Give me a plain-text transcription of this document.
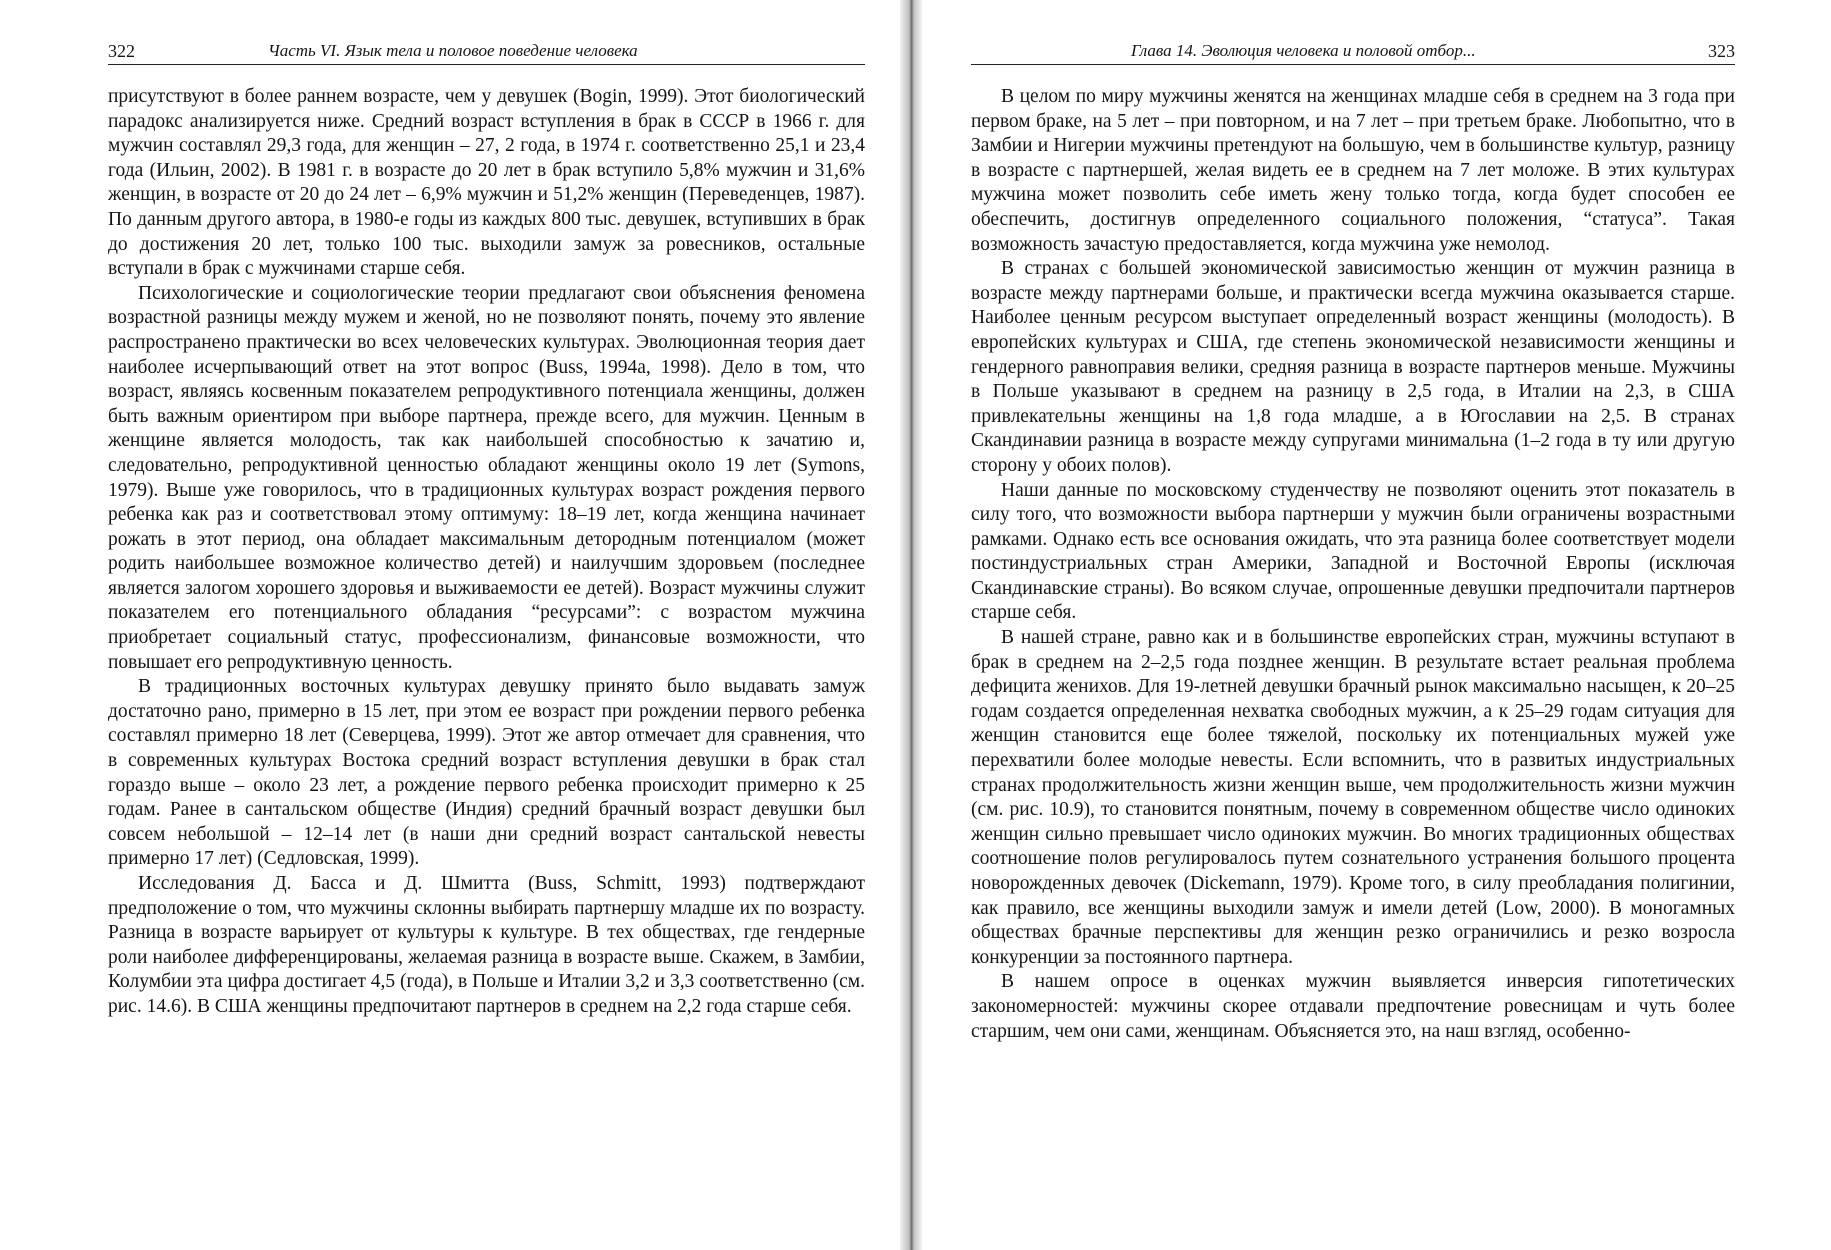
322	Часть VI. Язык тела и половое поведение человека

присутствуют в более раннем возрасте, чем у девушек (Bogin, 1999). Этот биологический парадокс анализируется ниже. Средний возраст вступления в брак в СССР в 1966 г. для мужчин составлял 29,3 года, для женщин – 27, 2 года, в 1974 г. соответственно 25,1 и 23,4 года (Ильин, 2002). В 1981 г. в возрасте до 20 лет в брак вступило 5,8% мужчин и 31,6% женщин, в возрасте от 20 до 24 лет – 6,9% мужчин и 51,2% женщин (Переведенцев, 1987). По данным другого автора, в 1980-е годы из каждых 800 тыс. девушек, вступивших в брак до достижения 20 лет, только 100 тыс. выходили замуж за ровесников, остальные вступали в брак с мужчинами старше себя.

Психологические и социологические теории предлагают свои объяснения феномена возрастной разницы между мужем и женой, но не позволяют понять, почему это явление распространено практически во всех человеческих культурах. Эволюционная теория дает наиболее исчерпывающий ответ на этот вопрос (Buss, 1994a, 1998). Дело в том, что возраст, являясь косвенным показателем репродуктивного потенциала женщины, должен быть важным ориентиром при выборе партнера, прежде всего, для мужчин. Ценным в женщине является молодость, так как наибольшей способностью к зачатию и, следовательно, репродуктивной ценностью обладают женщины около 19 лет (Symons, 1979). Выше уже говорилось, что в традиционных культурах возраст рождения первого ребенка как раз и соответствовал этому оптимуму: 18–19 лет, когда женщина начинает рожать в этот период, она обладает максимальным детородным потенциалом (может родить наибольшее возможное количество детей) и наилучшим здоровьем (последнее является залогом хорошего здоровья и выживаемости ее детей). Возраст мужчины служит показателем его потенциального обладания “ресурсами”: с возрастом мужчина приобретает социальный статус, профессионализм, финансовые возможности, что повышает его репродуктивную ценность.

В традиционных восточных культурах девушку принято было выдавать замуж достаточно рано, примерно в 15 лет, при этом ее возраст при рождении первого ребенка составлял примерно 18 лет (Северцева, 1999). Этот же автор отмечает для сравнения, что в современных культурах Востока средний возраст вступления девушки в брак стал гораздо выше – около 23 лет, а рождение первого ребенка происходит примерно к 25 годам. Ранее в сантальском обществе (Индия) средний брачный возраст девушки был совсем небольшой – 12–14 лет (в наши дни средний возраст сантальской невесты примерно 17 лет) (Седловская, 1999).

Исследования Д. Басса и Д. Шмитта (Buss, Schmitt, 1993) подтверждают предположение о том, что мужчины склонны выбирать партнершу младше их по возрасту. Разница в возрасте варьирует от культуры к культуре. В тех обществах, где гендерные роли наиболее дифференцированы, желаемая разница в возрасте выше. Скажем, в Замбии, Колумбии эта цифра достигает 4,5 (года), в Польше и Италии 3,2 и 3,3 соответственно (см. рис. 14.6). В США женщины предпочитают партнеров в среднем на 2,2 года старше себя.

Глава 14. Эволюция человека и половой отбор...	323

В целом по миру мужчины женятся на женщинах младше себя в среднем на 3 года при первом браке, на 5 лет – при повторном, и на 7 лет – при третьем браке. Любопытно, что в Замбии и Нигерии мужчины претендуют на большую, чем в большинстве культур, разницу в возрасте с партнершей, желая видеть ее в среднем на 7 лет моложе. В этих культурах мужчина может позволить себе иметь жену только тогда, когда будет способен ее обеспечить, достигнув определенного социального положения, “статуса”. Такая возможность зачастую предоставляется, когда мужчина уже немолод.

В странах с большей экономической зависимостью женщин от мужчин разница в возрасте между партнерами больше, и практически всегда мужчина оказывается старше. Наиболее ценным ресурсом выступает определенный возраст женщины (молодость). В европейских культурах и США, где степень экономической независимости женщины и гендерного равноправия велики, средняя разница в возрасте партнеров меньше. Мужчины в Польше указывают в среднем на разницу в 2,5 года, в Италии на 2,3, в США привлекательны женщины на 1,8 года младше, а в Югославии на 2,5. В странах Скандинавии разница в возрасте между супругами минимальна (1–2 года в ту или другую сторону у обоих полов).

Наши данные по московскому студенчеству не позволяют оценить этот показатель в силу того, что возможности выбора партнерши у мужчин были ограничены возрастными рамками. Однако есть все основания ожидать, что эта разница более соответствует модели постиндустриальных стран Америки, Западной и Восточной Европы (исключая Скандинавские страны). Во всяком случае, опрошенные девушки предпочитали партнеров старше себя.

В нашей стране, равно как и в большинстве европейских стран, мужчины вступают в брак в среднем на 2–2,5 года позднее женщин. В результате встает реальная проблема дефицита женихов. Для 19-летней девушки брачный рынок максимально насыщен, к 20–25 годам создается определенная нехватка свободных мужчин, а к 25–29 годам ситуация для женщин становится еще более тяжелой, поскольку их потенциальных мужей уже перехватили более молодые невесты. Если вспомнить, что в развитых индустриальных странах продолжительность жизни женщин выше, чем продолжительность жизни мужчин (см. рис. 10.9), то становится понятным, почему в современном обществе число одиноких женщин сильно превышает число одиноких мужчин. Во многих традиционных обществах соотношение полов регулировалось путем сознательного устранения большого процента новорожденных девочек (Dickemann, 1979). Кроме того, в силу преобладания полигинии, как правило, все женщины выходили замуж и имели детей (Low, 2000). В моногамных обществах брачные перспективы для женщин резко ограничились и резко возросла конкуренции за постоянного партнера.

В нашем опросе в оценках мужчин выявляется инверсия гипотетических закономерностей: мужчины скорее отдавали предпочтение ровесницам и чуть более старшим, чем они сами, женщинам. Объясняется это, на наш взгляд, особенно-
